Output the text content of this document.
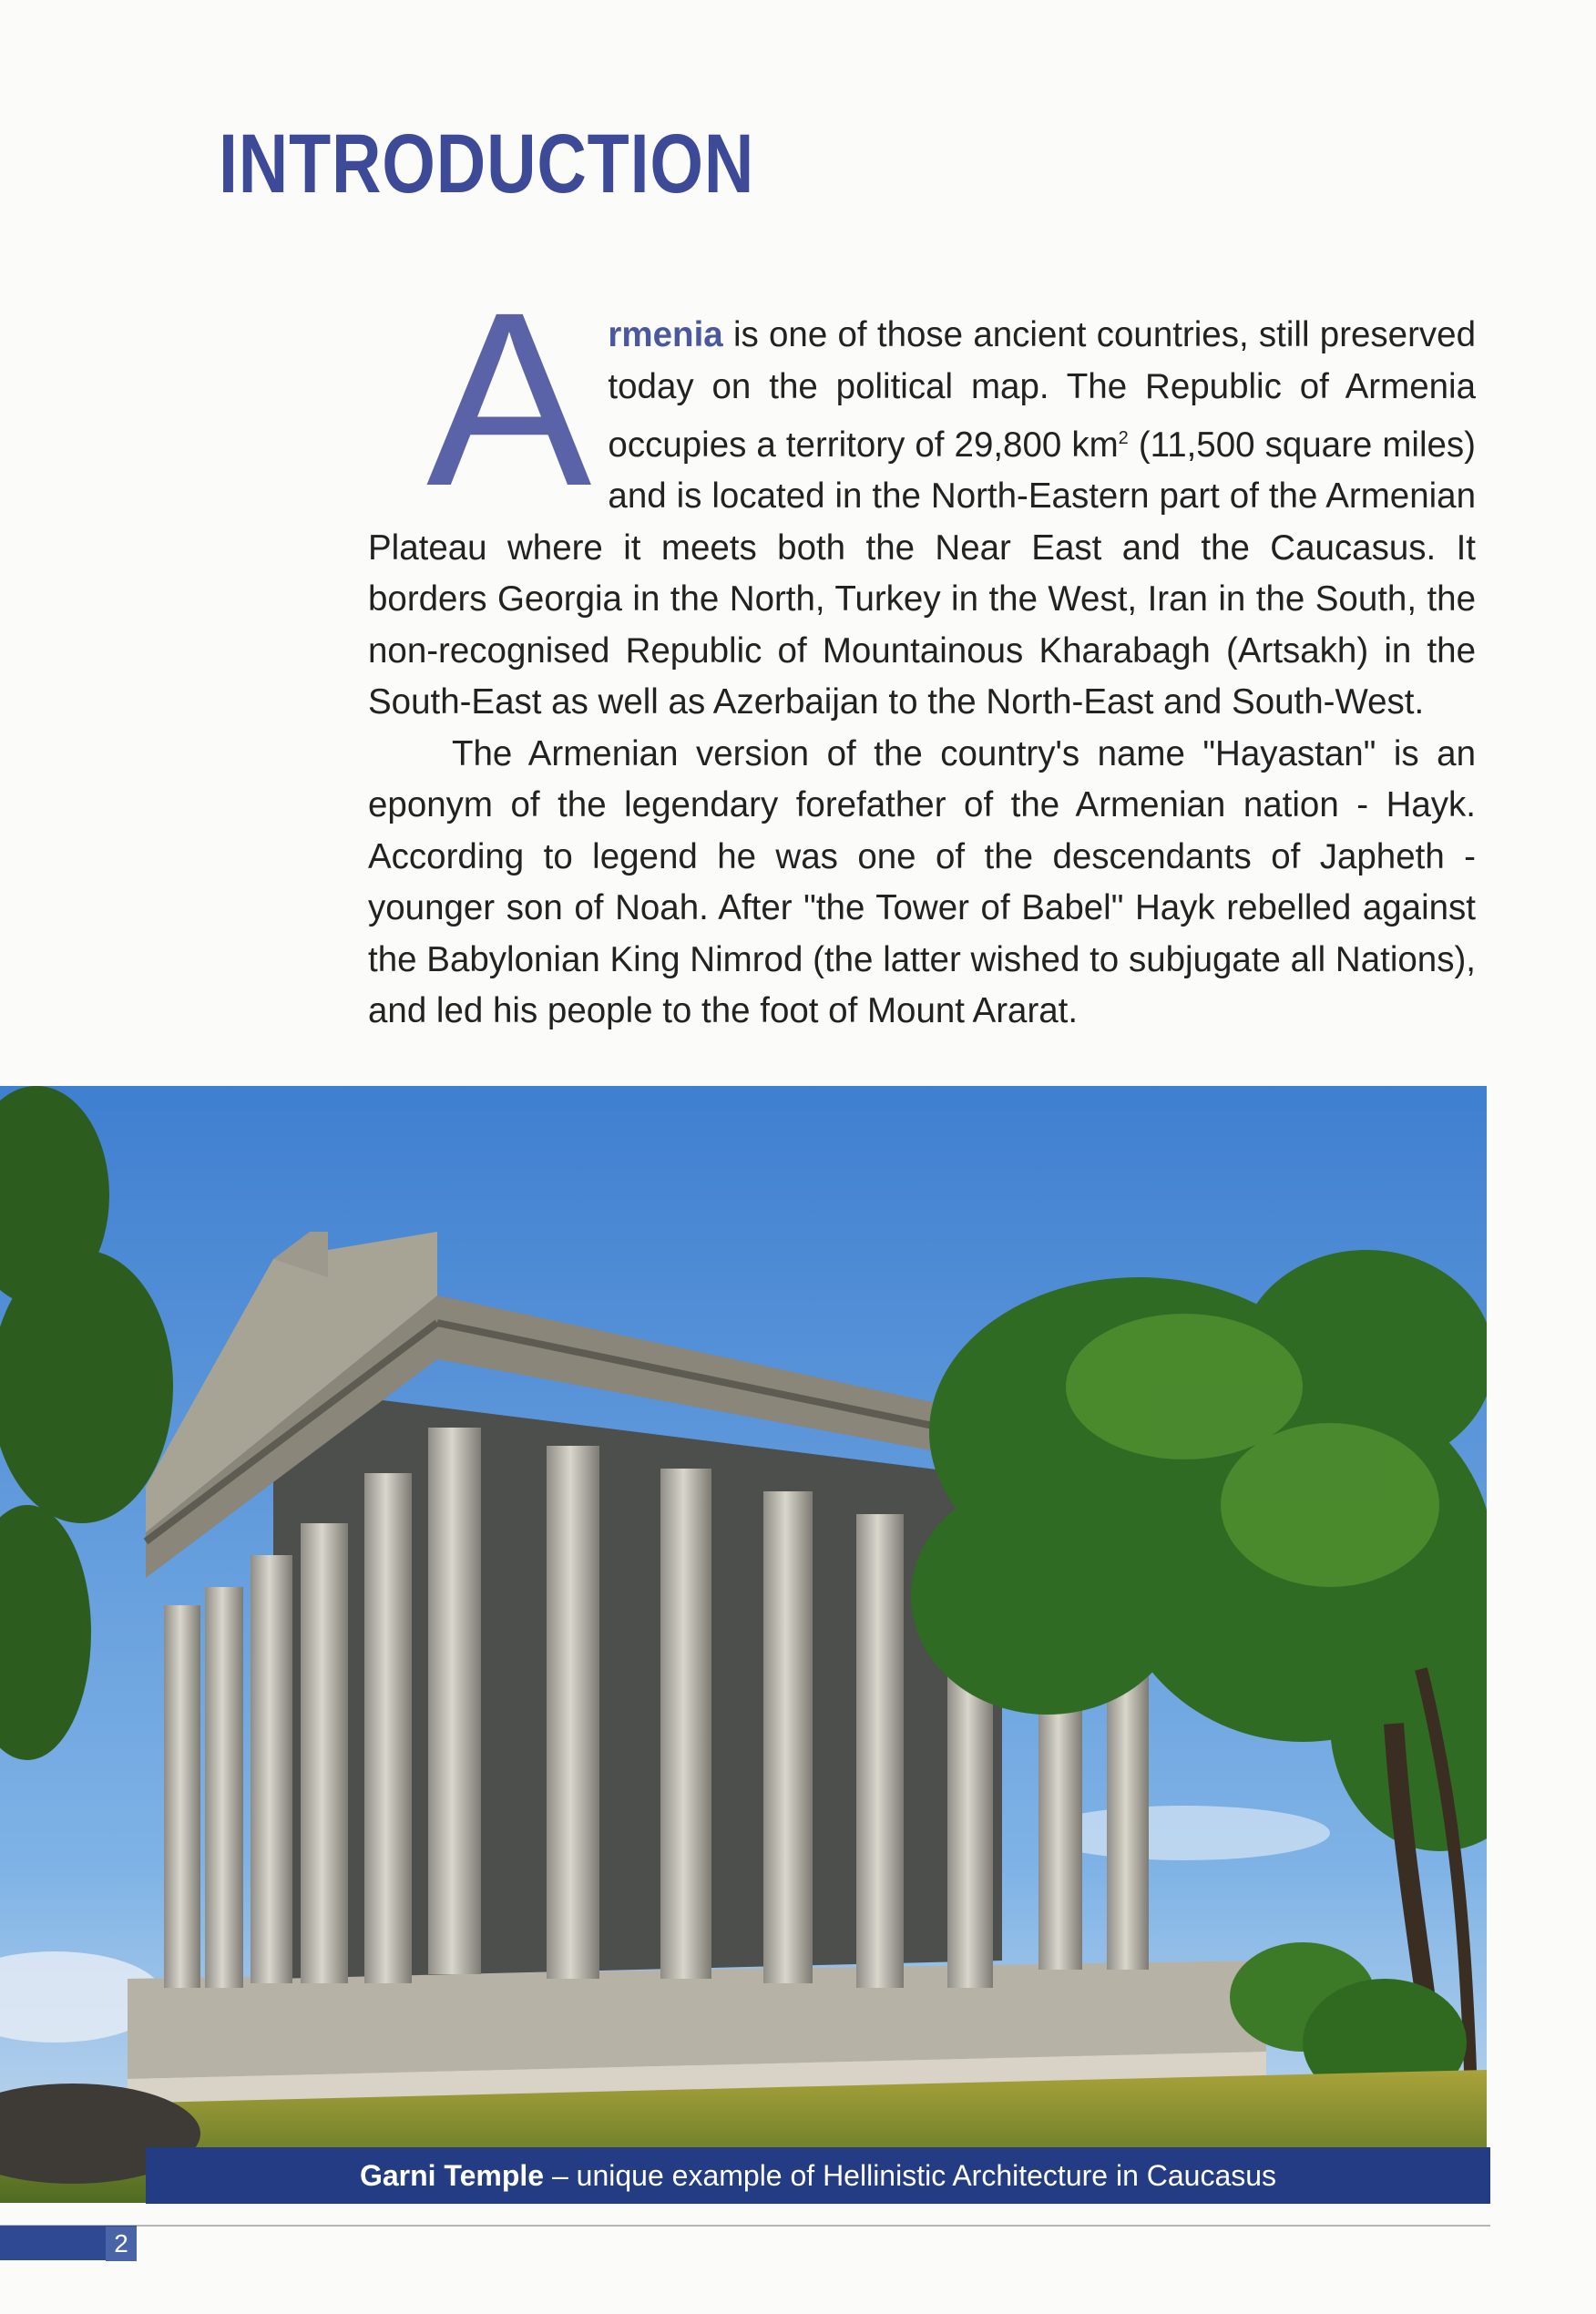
INTRODUCTION

Armenia is one of those ancient countries, still preserved today on the political map. The Republic of Armenia occupies a territory of 29,800 $km^2$ (11,500 square miles) and is located in the North-Eastern part of the Armenian Plateau where it meets both the Near East and the Caucasus. It borders Georgia in the North, Turkey in the West, Iran in the South, the non-recognised Republic of Mountainous Kharabagh (Artsakh) in the South-East as well as Azerbaijan to the North-East and South-West.

The Armenian version of the country's name "Hayastan" is an eponym of the legendary forefather of the Armenian nation - Hayk. According to legend he was one of the descendants of Japheth - younger son of Noah. After "the Tower of Babel" Hayk rebelled against the Babylonian King Nimrod (the latter wished to subjugate all Nations), and led his people to the foot of Mount Ararat.

Garni Temple – unique example of Hellinistic Architecture in Caucasus
2
